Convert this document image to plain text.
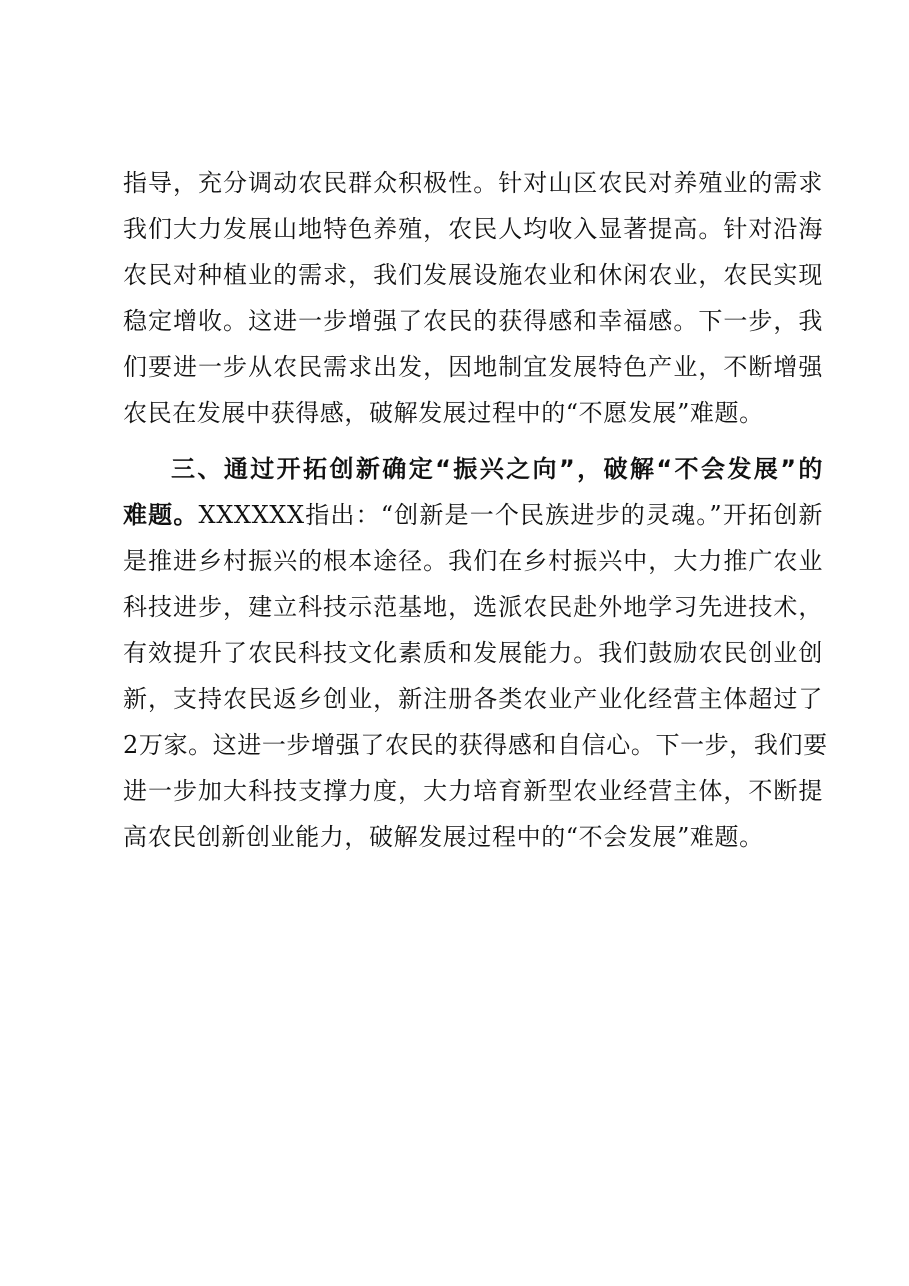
指导，充分调动农民群众积极性。针对山区农民对养殖业的需求
我们大力发展山地特色养殖，农民人均收入显著提高。针对沿海
农民对种植业的需求，我们发展设施农业和休闲农业，农民实现
稳定增收。这进一步增强了农民的获得感和幸福感。下一步，我
们要进一步从农民需求出发，因地制宜发展特色产业，不断增强
农民在发展中获得感，破解发展过程中的“不愿发展”难题。
三、通过开拓创新确定“振兴之向”，破解“不会发展”的
难题。XXXXXX指出：“创新是一个民族进步的灵魂。”开拓创新
是推进乡村振兴的根本途径。我们在乡村振兴中，大力推广农业
科技进步，建立科技示范基地，选派农民赴外地学习先进技术，
有效提升了农民科技文化素质和发展能力。我们鼓励农民创业创
新，支持农民返乡创业，新注册各类农业产业化经营主体超过了
2万家。这进一步增强了农民的获得感和自信心。下一步，我们要
进一步加大科技支撑力度，大力培育新型农业经营主体，不断提
高农民创新创业能力，破解发展过程中的“不会发展”难题。
